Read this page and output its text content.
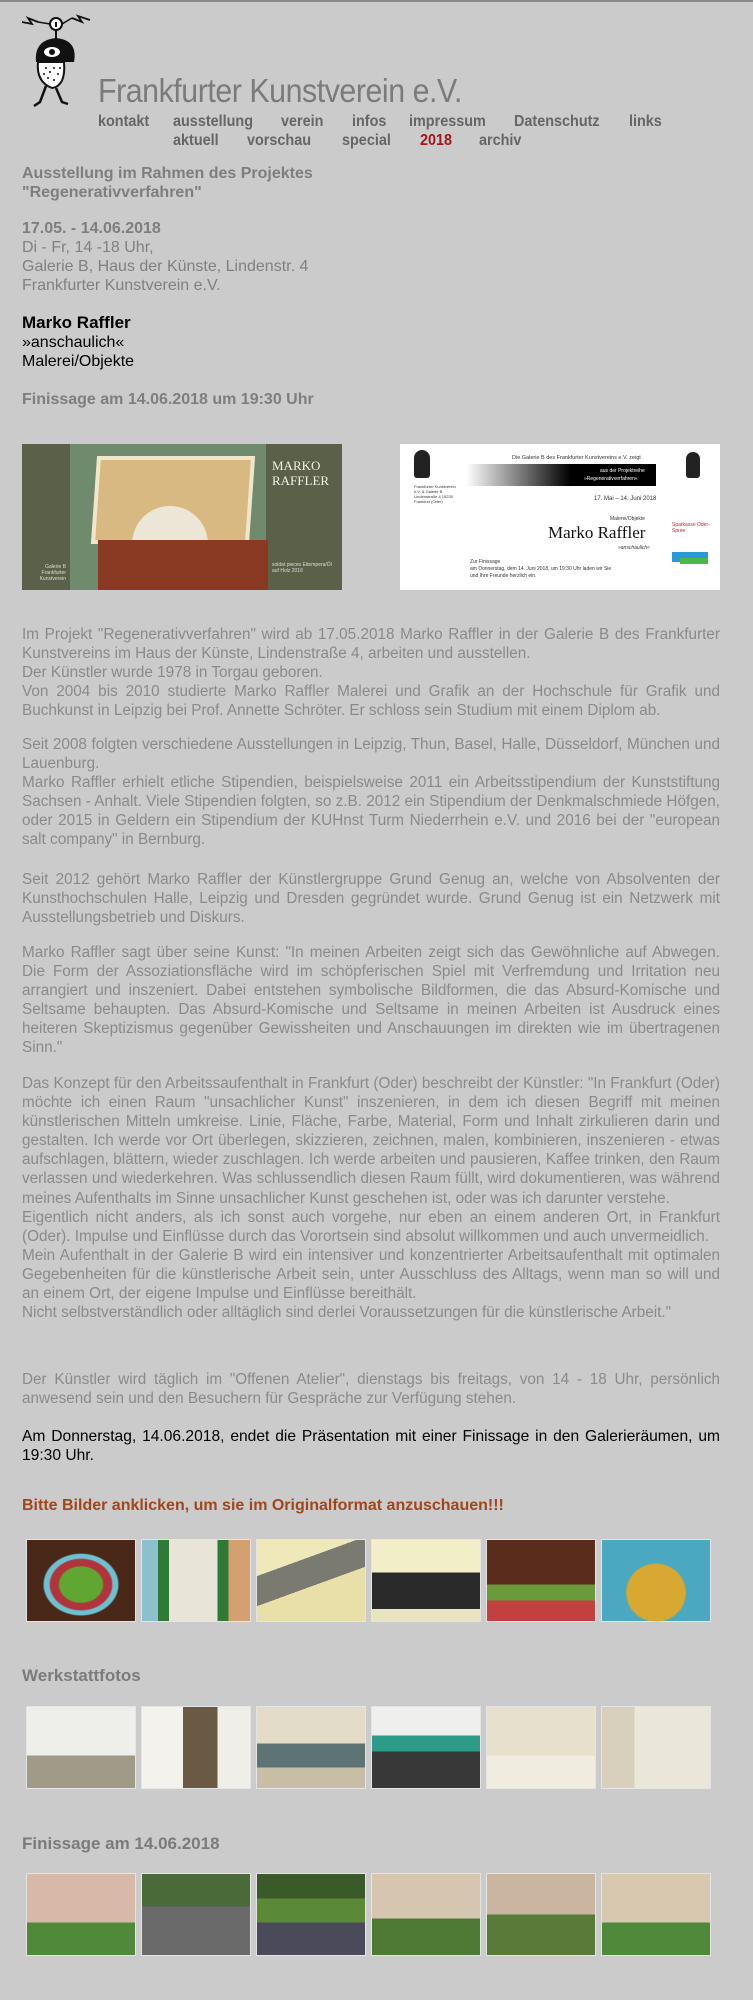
Frankfurter Kunstverein e.V.
kontakt ausstellung verein infos impressum Datenschutz links
aktuell vorschau special 2018 archiv
Ausstellung im Rahmen des Projektes
"Regenerativverfahren"
17.05. - 14.06.2018
Di - Fr, 14 -18 Uhr,
Galerie B, Haus der Künste, Lindenstr. 4
Frankfurter Kunstverein e.V.
Marko Raffler
»anschaulich«
Malerei/Objekte
Finissage am 14.06.2018 um 19:30 Uhr
MARKO RAFFLER
Galerie B Frankfurter Kunstverein
soldat pieces Eitempera/Öl auf Holz 2016
Die Galerie B des Frankfurter Kunstvereins e.V. zeigt
aus der Projektreihe
»Regenerativverfahren«
17. Mai – 14. Juni 2018
Malerei/Objekte
Marko Raffler
»anschaulich«
Zur Finissage
am Donnerstag, dem 14. Juni 2018, um 19:30 Uhr laden wir Sie
und Ihre Freunde herzlich ein.
Frankfurter Kunstverein e.V. & Galerie B Lindenstraße 4 15230 Frankfurt (Oder)
Sparkasse Oder-Spree

Im Projekt "Regenerativverfahren" wird ab 17.05.2018 Marko Raffler in der Galerie B des Frankfurter Kunstvereins im Haus der Künste, Lindenstraße 4, arbeiten und ausstellen.

Der Künstler wurde 1978 in Torgau geboren.

Von 2004 bis 2010 studierte Marko Raffler Malerei und Grafik an der Hochschule für Grafik und Buchkunst in Leipzig bei Prof. Annette Schröter. Er schloss sein Studium mit einem Diplom ab.

Seit 2008 folgten verschiedene Ausstellungen in Leipzig, Thun, Basel, Halle, Düsseldorf, München und Lauenburg.

Marko Raffler erhielt etliche Stipendien, beispielsweise 2011 ein Arbeitsstipendium der Kunststiftung Sachsen - Anhalt. Viele Stipendien folgten, so z.B. 2012 ein Stipendium der Denkmalschmiede Höfgen, oder 2015 in Geldern ein Stipendium der KUHnst Turm Niederrhein e.V. und 2016 bei der "european salt company" in Bernburg.

Seit 2012 gehört Marko Raffler der Künstlergruppe Grund Genug an, welche von Absolventen der Kunsthochschulen Halle, Leipzig und Dresden gegründet wurde. Grund Genug ist ein Netzwerk mit Ausstellungsbetrieb und Diskurs.

Marko Raffler sagt über seine Kunst: "In meinen Arbeiten zeigt sich das Gewöhnliche auf Abwegen. Die Form der Assoziationsfläche wird im schöpferischen Spiel mit Verfremdung und Irritation neu arrangiert und inszeniert. Dabei entstehen symbolische Bildformen, die das Absurd-Komische und Seltsame behaupten. Das Absurd-Komische und Seltsame in meinen Arbeiten ist Ausdruck eines heiteren Skeptizismus gegenüber Gewissheiten und Anschauungen im direkten wie im übertragenen Sinn."

Das Konzept für den Arbeitssaufenthalt in Frankfurt (Oder) beschreibt der Künstler: "In Frankfurt (Oder) möchte ich einen Raum "unsachlicher Kunst" inszenieren, in dem ich diesen Begriff mit meinen künstlerischen Mitteln umkreise. Linie, Fläche, Farbe, Material, Form und Inhalt zirkulieren darin und gestalten. Ich werde vor Ort überlegen, skizzieren, zeichnen, malen, kombinieren, inszenieren - etwas aufschlagen, blättern, wieder zuschlagen. Ich werde arbeiten und pausieren, Kaffee trinken, den Raum verlassen und wiederkehren. Was schlussendlich diesen Raum füllt, wird dokumentieren, was während meines Aufenthalts im Sinne unsachlicher Kunst geschehen ist, oder was ich darunter verstehe.

Eigentlich nicht anders, als ich sonst auch vorgehe, nur eben an einem anderen Ort, in Frankfurt (Oder). Impulse und Einflüsse durch das Vorortsein sind absolut willkommen und auch unvermeidlich.

Mein Aufenthalt in der Galerie B wird ein intensiver und konzentrierter Arbeitsaufenthalt mit optimalen Gegebenheiten für die künstlerische Arbeit sein, unter Ausschluss des Alltags, wenn man so will und an einem Ort, der eigene Impulse und Einflüsse bereithält.

Nicht selbstverständlich oder alltäglich sind derlei Voraussetzungen für die künstlerische Arbeit."

Der Künstler wird täglich im "Offenen Atelier", dienstags bis freitags, von 14 - 18 Uhr, persönlich anwesend sein und den Besuchern für Gespräche zur Verfügung stehen.

Am Donnerstag, 14.06.2018, endet die Präsentation mit einer Finissage in den Galerieräumen, um 19:30 Uhr.

Bitte Bilder anklicken, um sie im Originalformat anzuschauen!!!
Werkstattfotos
Finissage am 14.06.2018
